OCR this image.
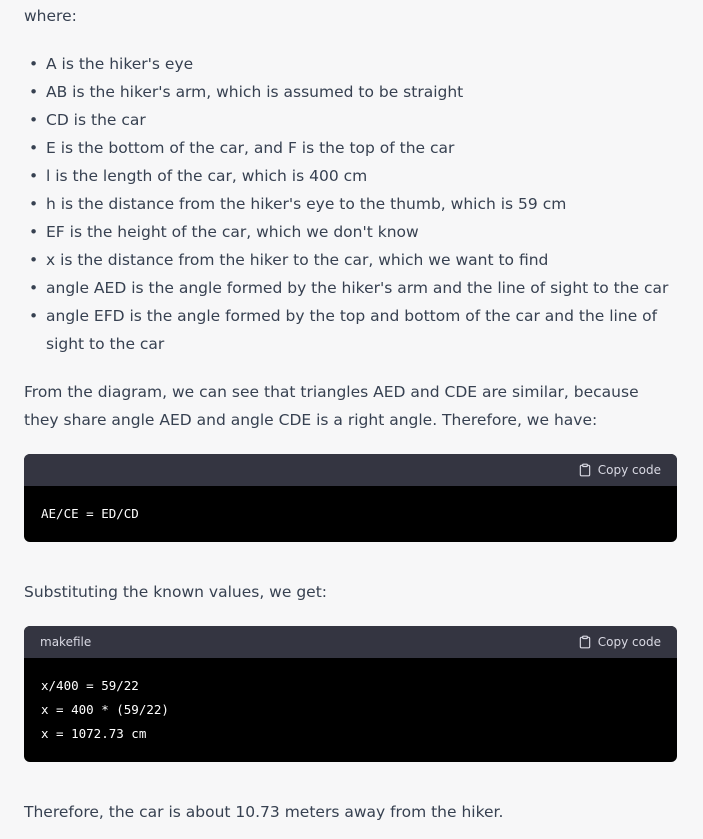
where:

• A is the hiker's eye
• AB is the hiker's arm, which is assumed to be straight
• CD is the car
• E is the bottom of the car, and F is the top of the car
• l is the length of the car, which is 400 cm
• h is the distance from the hiker's eye to the thumb, which is 59 cm
• EF is the height of the car, which we don't know
• x is the distance from the hiker to the car, which we want to find
• angle AED is the angle formed by the hiker's arm and the line of sight to the car
• angle EFD is the angle formed by the top and bottom of the car and the line of sight to the car

From the diagram, we can see that triangles AED and CDE are similar, because they share angle AED and angle CDE is a right angle. Therefore, we have:

Copy code
AE/CE = ED/CD

Substituting the known values, we get:

makefile	Copy code
x/400 = 59/22
x = 400 * (59/22)
x = 1072.73 cm

Therefore, the car is about 10.73 meters away from the hiker.
